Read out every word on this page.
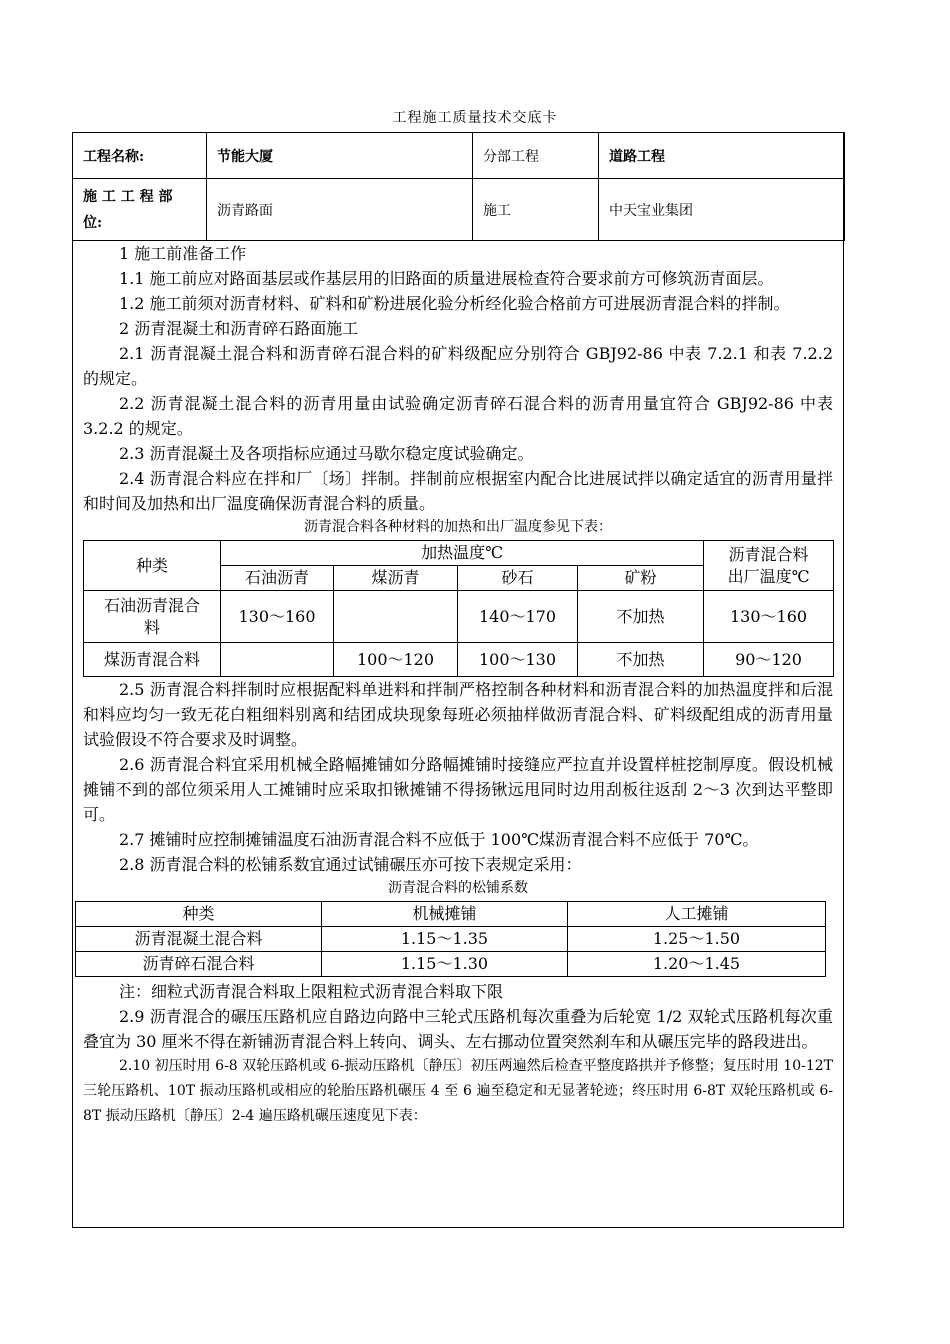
工程施工质量技术交底卡
工程名称:	节能大厦	分部工程	道路工程
施 工 工 程 部 位:	沥青路面	施工	中天宝业集团

1 施工前准备工作

1.1 施工前应对路面基层或作基层用的旧路面的质量进展检查符合要求前方可修筑沥青面层。

1.2 施工前须对沥青材料、矿料和矿粉进展化验分析经化验合格前方可进展沥青混合料的拌制。

2 沥青混凝土和沥青碎石路面施工

2.1 沥青混凝土混合料和沥青碎石混合料的矿料级配应分别符合 GBJ92-86 中表 7.2.1 和表 7.2.2 的规定。

2.2 沥青混凝土混合料的沥青用量由试验确定沥青碎石混合料的沥青用量宜符合 GBJ92-86 中表 3.2.2 的规定。

2.3 沥青混凝土及各项指标应通过马歇尔稳定度试验确定。

2.4 沥青混合料应在拌和厂〔场〕拌制。拌制前应根据室内配合比进展试拌以确定适宜的沥青用量拌和时间及加热和出厂温度确保沥青混合料的质量。

沥青混合料各种材料的加热和出厂温度参见下表：

种类	加热温度℃				沥青混合料
出厂温度℃
	石油沥青	煤沥青	砂石	矿粉	
石油沥青混合
料	130～160		140～170	不加热	130～160
煤沥青混合料		100～120	100～130	不加热	90～120

2.5 沥青混合料拌制时应根据配料单进料和拌制严格控制各种材料和沥青混合料的加热温度拌和后混和料应均匀一致无花白粗细料别离和结团成块现象每班必须抽样做沥青混合料、矿料级配组成的沥青用量试验假设不符合要求及时调整。

2.6 沥青混合料宜采用机械全路幅摊铺如分路幅摊铺时接缝应严拉直并设置样桩挖制厚度。假设机械摊铺不到的部位须采用人工摊铺时应采取扣锹摊铺不得扬锹远甩同时边用刮板往返刮 2～3 次到达平整即可。

2.7 摊铺时应控制摊铺温度石油沥青混合料不应低于 100℃煤沥青混合料不应低于 70℃。

2.8 沥青混合料的松铺系数宜通过试铺碾压亦可按下表规定采用：

沥青混合料的松铺系数

种类	机械摊铺	人工摊铺
沥青混凝土混合料	1.15～1.35	1.25～1.50
沥青碎石混合料	1.15～1.30	1.20～1.45

注：细粒式沥青混合料取上限粗粒式沥青混合料取下限

2.9 沥青混合的碾压压路机应自路边向路中三轮式压路机每次重叠为后轮宽 1/2 双轮式压路机每次重叠宜为 30 厘米不得在新铺沥青混合料上转向、调头、左右挪动位置突然刹车和从碾压完毕的路段进出。

2.10 初压时用 6-8 双轮压路机或 6-振动压路机〔静压〕初压两遍然后检查平整度路拱并予修整；复压时用 10-12T 三轮压路机、10T 振动压路机或相应的轮胎压路机碾压 4 至 6 遍至稳定和无显著轮迹；终压时用 6-8T 双轮压路机或 6-8T 振动压路机〔静压〕2-4 遍压路机碾压速度见下表：
